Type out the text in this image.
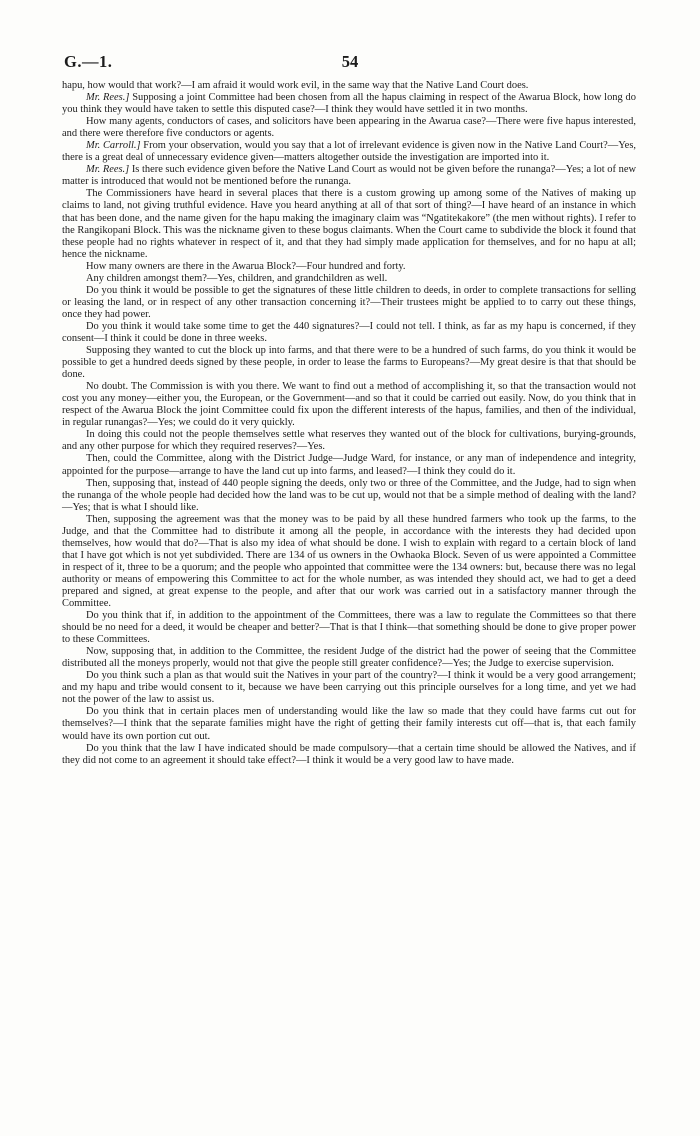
G.—1.	54

hapu, how would that work?—I am afraid it would work evil, in the same way that the Native Land Court does.

Mr. Rees.] Supposing a joint Committee had been chosen from all the hapus claiming in respect of the Awarua Block, how long do you think they would have taken to settle this disputed case?—I think they would have settled it in two months.

How many agents, conductors of cases, and solicitors have been appearing in the Awarua case?—There were five hapus interested, and there were therefore five conductors or agents.

Mr. Carroll.] From your observation, would you say that a lot of irrelevant evidence is given now in the Native Land Court?—Yes, there is a great deal of unnecessary evidence given—matters altogether outside the investigation are imported into it.

Mr. Rees.] Is there such evidence given before the Native Land Court as would not be given before the runanga?—Yes; a lot of new matter is introduced that would not be mentioned before the runanga.

The Commissioners have heard in several places that there is a custom growing up among some of the Natives of making up claims to land, not giving truthful evidence. Have you heard anything at all of that sort of thing?—I have heard of an instance in which that has been done, and the name given for the hapu making the imaginary claim was “Ngatitekakore” (the men without rights). I refer to the Rangikopani Block. This was the nickname given to these bogus claimants. When the Court came to subdivide the block it found that these people had no rights whatever in respect of it, and that they had simply made application for themselves, and for no hapu at all; hence the nickname.

How many owners are there in the Awarua Block?—Four hundred and forty.

Any children amongst them?—Yes, children, and grandchildren as well.

Do you think it would be possible to get the signatures of these little children to deeds, in order to complete transactions for selling or leasing the land, or in respect of any other transaction concerning it?—Their trustees might be applied to to carry out these things, once they had power.

Do you think it would take some time to get the 440 signatures?—I could not tell. I think, as far as my hapu is concerned, if they consent—I think it could be done in three weeks.

Supposing they wanted to cut the block up into farms, and that there were to be a hundred of such farms, do you think it would be possible to get a hundred deeds signed by these people, in order to lease the farms to Europeans?—My great desire is that that should be done.

No doubt. The Commission is with you there. We want to find out a method of accomplishing it, so that the transaction would not cost you any money—either you, the European, or the Government—and so that it could be carried out easily. Now, do you think that in respect of the Awarua Block the joint Committee could fix upon the different interests of the hapus, families, and then of the individual, in regular runangas?—Yes; we could do it very quickly.

In doing this could not the people themselves settle what reserves they wanted out of the block for cultivations, burying-grounds, and any other purpose for which they required reserves?—Yes.

Then, could the Committee, along with the District Judge—Judge Ward, for instance, or any man of independence and integrity, appointed for the purpose—arrange to have the land cut up into farms, and leased?—I think they could do it.

Then, supposing that, instead of 440 people signing the deeds, only two or three of the Committee, and the Judge, had to sign when the runanga of the whole people had decided how the land was to be cut up, would not that be a simple method of dealing with the land?—Yes; that is what I should like.

Then, supposing the agreement was that the money was to be paid by all these hundred farmers who took up the farms, to the Judge, and that the Committee had to distribute it among all the people, in accordance with the interests they had decided upon themselves, how would that do?—That is also my idea of what should be done. I wish to explain with regard to a certain block of land that I have got which is not yet subdivided. There are 134 of us owners in the Owhaoka Block. Seven of us were appointed a Committee in respect of it, three to be a quorum; and the people who appointed that committee were the 134 owners: but, because there was no legal authority or means of empowering this Committee to act for the whole number, as was intended they should act, we had to get a deed prepared and signed, at great expense to the people, and after that our work was carried out in a satisfactory manner through the Committee.

Do you think that if, in addition to the appointment of the Committees, there was a law to regulate the Committees so that there should be no need for a deed, it would be cheaper and better?—That is that I think—that something should be done to give proper power to these Committees.

Now, supposing that, in addition to the Committee, the resident Judge of the district had the power of seeing that the Committee distributed all the moneys properly, would not that give the people still greater confidence?—Yes; the Judge to exercise supervision.

Do you think such a plan as that would suit the Natives in your part of the country?—I think it would be a very good arrangement; and my hapu and tribe would consent to it, because we have been carrying out this principle ourselves for a long time, and yet we had not the power of the law to assist us.

Do you think that in certain places men of understanding would like the law so made that they could have farms cut out for themselves?—I think that the separate families might have the right of getting their family interests cut off—that is, that each family would have its own portion cut out.

Do you think that the law I have indicated should be made compulsory—that a certain time should be allowed the Natives, and if they did not come to an agreement it should take effect?—I think it would be a very good law to have made.
